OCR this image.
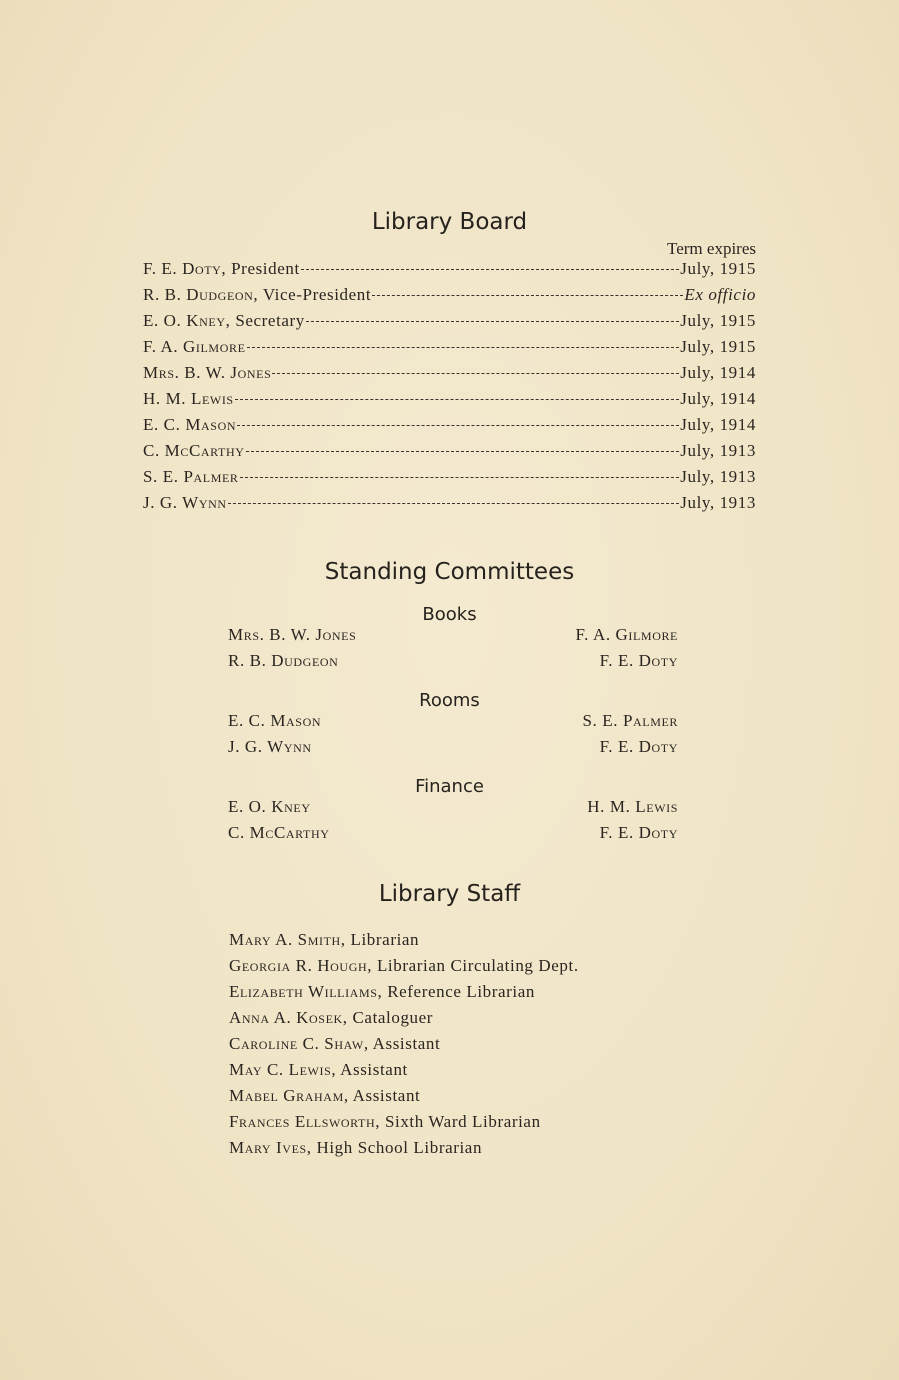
Library Board
Term expires
F. E. Doty , President	July, 1915
R. B. Dudgeon , Vice-President	Ex officio
E. O. Kney , Secretary	July, 1915
F. A. Gilmore	July, 1915
Mrs. B. W. Jones	July, 1914
H. M. Lewis	July, 1914
E. C. Mason	July, 1914
C. McCarthy	July, 1913
S. E. Palmer	July, 1913
J. G. Wynn	July, 1913
Standing Committees
Books
Mrs. B. W. Jones	F. A. Gilmore
R. B. Dudgeon	F. E. Doty
Rooms
E. C. Mason	S. E. Palmer
J. G. Wynn	F. E. Doty
Finance
E. O. Kney	H. M. Lewis
C. McCarthy	F. E. Doty
Library Staff
Mary A. Smith, Librarian
Georgia R. Hough, Librarian Circulating Dept.
Elizabeth Williams, Reference Librarian
Anna A. Kosek, Cataloguer
Caroline C. Shaw, Assistant
May C. Lewis, Assistant
Mabel Graham, Assistant
Frances Ellsworth, Sixth Ward Librarian
Mary Ives, High School Librarian
